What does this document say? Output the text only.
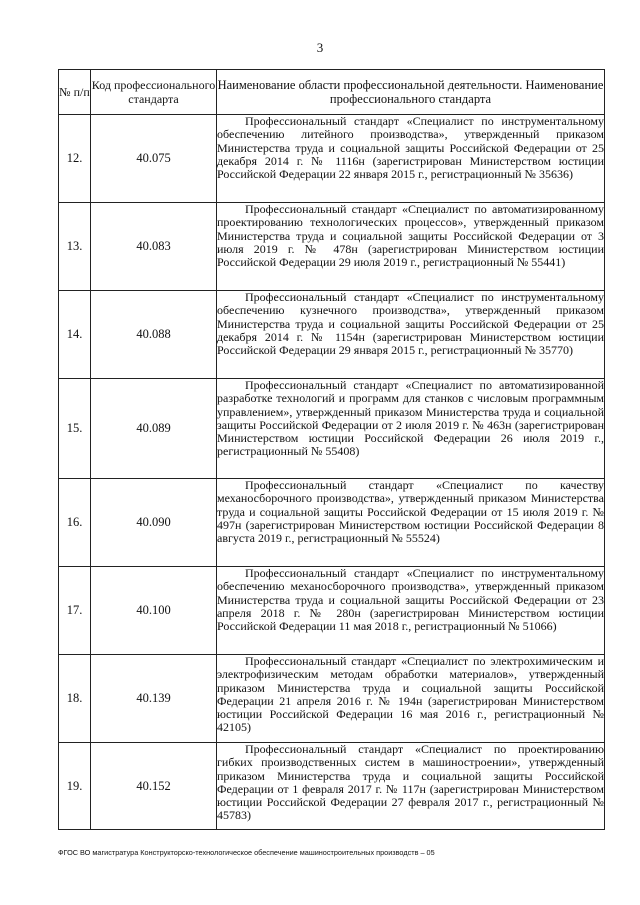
3
№ п/п	Код профессионального стандарта	Наименование области профессиональной деятельности. Наименование профессионального стандарта
12.	40.075	Профессиональный стандарт «Специалист по инструментальному обеспечению литейного производства», утвержденный приказом Министерства труда и социальной защиты Российской Федерации от 25 декабря 2014 г. № 1116н (зарегистрирован Министерством юстиции Российской Федерации 22 января 2015 г., регистрационный № 35636)

13.	40.083	Профессиональный стандарт «Специалист по автоматизированному проектированию технологических процессов», утвержденный приказом Министерства труда и социальной защиты Российской Федерации от 3 июля 2019 г. № 478н (зарегистрирован Министерством юстиции Российской Федерации 29 июля 2019 г., регистрационный № 55441)

14.	40.088	Профессиональный стандарт «Специалист по инструментальному обеспечению кузнечного производства», утвержденный приказом Министерства труда и социальной защиты Российской Федерации от 25 декабря 2014 г. № 1154н (зарегистрирован Министерством юстиции Российской Федерации 29 января 2015 г., регистрационный № 35770)

15.	40.089	Профессиональный стандарт «Специалист по автоматизированной разработке технологий и программ для станков с числовым программным управлением», утвержденный приказом Министерства труда и социальной защиты Российской Федерации от 2 июля 2019 г. № 463н (зарегистрирован Министерством юстиции Российской Федерации 26 июля 2019 г., регистрационный № 55408)

16.	40.090	Профессиональный стандарт «Специалист по качеству механосборочного производства», утвержденный приказом Министерства труда и социальной защиты Российской Федерации от 15 июля 2019 г. № 497н (зарегистрирован Министерством юстиции Российской Федерации 8 августа 2019 г., регистрационный № 55524)

17.	40.100	Профессиональный стандарт «Специалист по инструментальному обеспечению механосборочного производства», утвержденный приказом Министерства труда и социальной защиты Российской Федерации от 23 апреля 2018 г. № 280н (зарегистрирован Министерством юстиции Российской Федерации 11 мая 2018 г., регистрационный № 51066)

18.	40.139	Профессиональный стандарт «Специалист по электрохимическим и электрофизическим методам обработки материалов», утвержденный приказом Министерства труда и социальной защиты Российской Федерации 21 апреля 2016 г. № 194н (зарегистрирован Министерством юстиции Российской Федерации 16 мая 2016 г., регистрационный № 42105)

19.	40.152	Профессиональный стандарт «Специалист по проектированию гибких производственных систем в машиностроении», утвержденный приказом Министерства труда и социальной защиты Российской Федерации от 1 февраля 2017 г. № 117н (зарегистрирован Министерством юстиции Российской Федерации 27 февраля 2017 г., регистрационный № 45783)
ФГОС ВО магистратура Конструкторско-технологическое обеспечение машиностроительных производств – 05
